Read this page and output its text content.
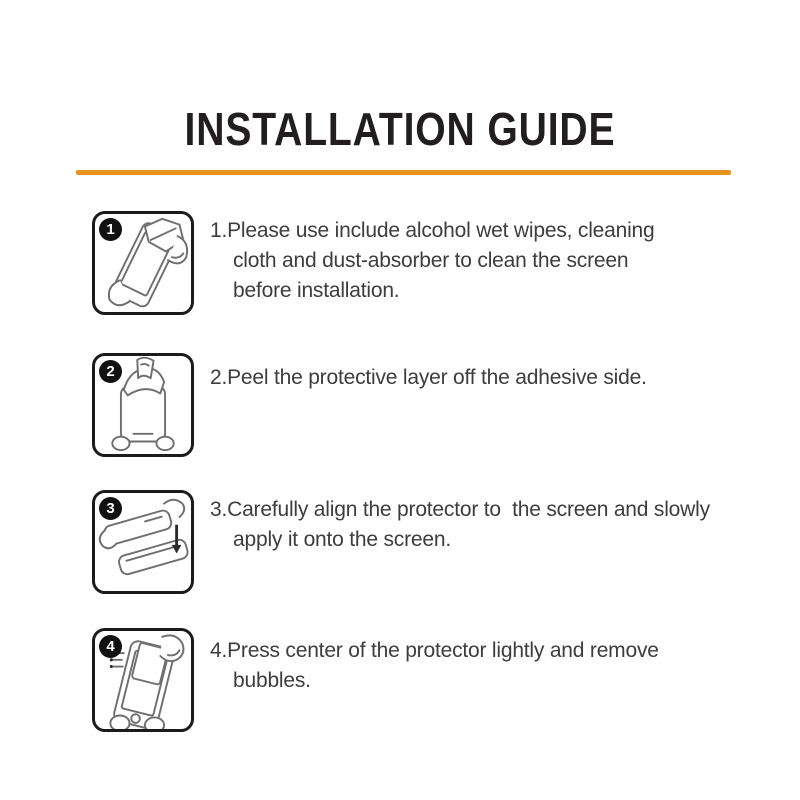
INSTALLATION GUIDE
1	1.Please use include alcohol wet wipes, cleaning
cloth and dust-absorber to clean the screen
before installation.
2	2.Peel the protective layer off the adhesive side.
3	3.Carefully align the protector to  the screen and slowly
apply it onto the screen.
4	4.Press center of the protector lightly and remove
bubbles.
